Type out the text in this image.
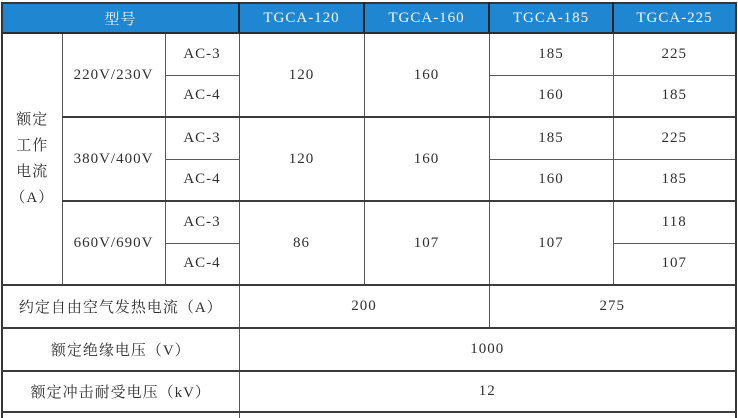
型号			TGCA-120	TGCA-160	TGCA-185	TGCA-225

额定
工作
电流
（A）	220V/230V	AC-3	120	160	185	225
		AC-4			160	185
	380V/400V	AC-3	120	160	185	225
		AC-4			160	185
	660V/690V	AC-3	86	107	107	118
		AC-4				107
约定自由空气发热电流（A）			200		275	
额定绝缘电压（V）			1000			
额定冲击耐受电压（kV）			12			
